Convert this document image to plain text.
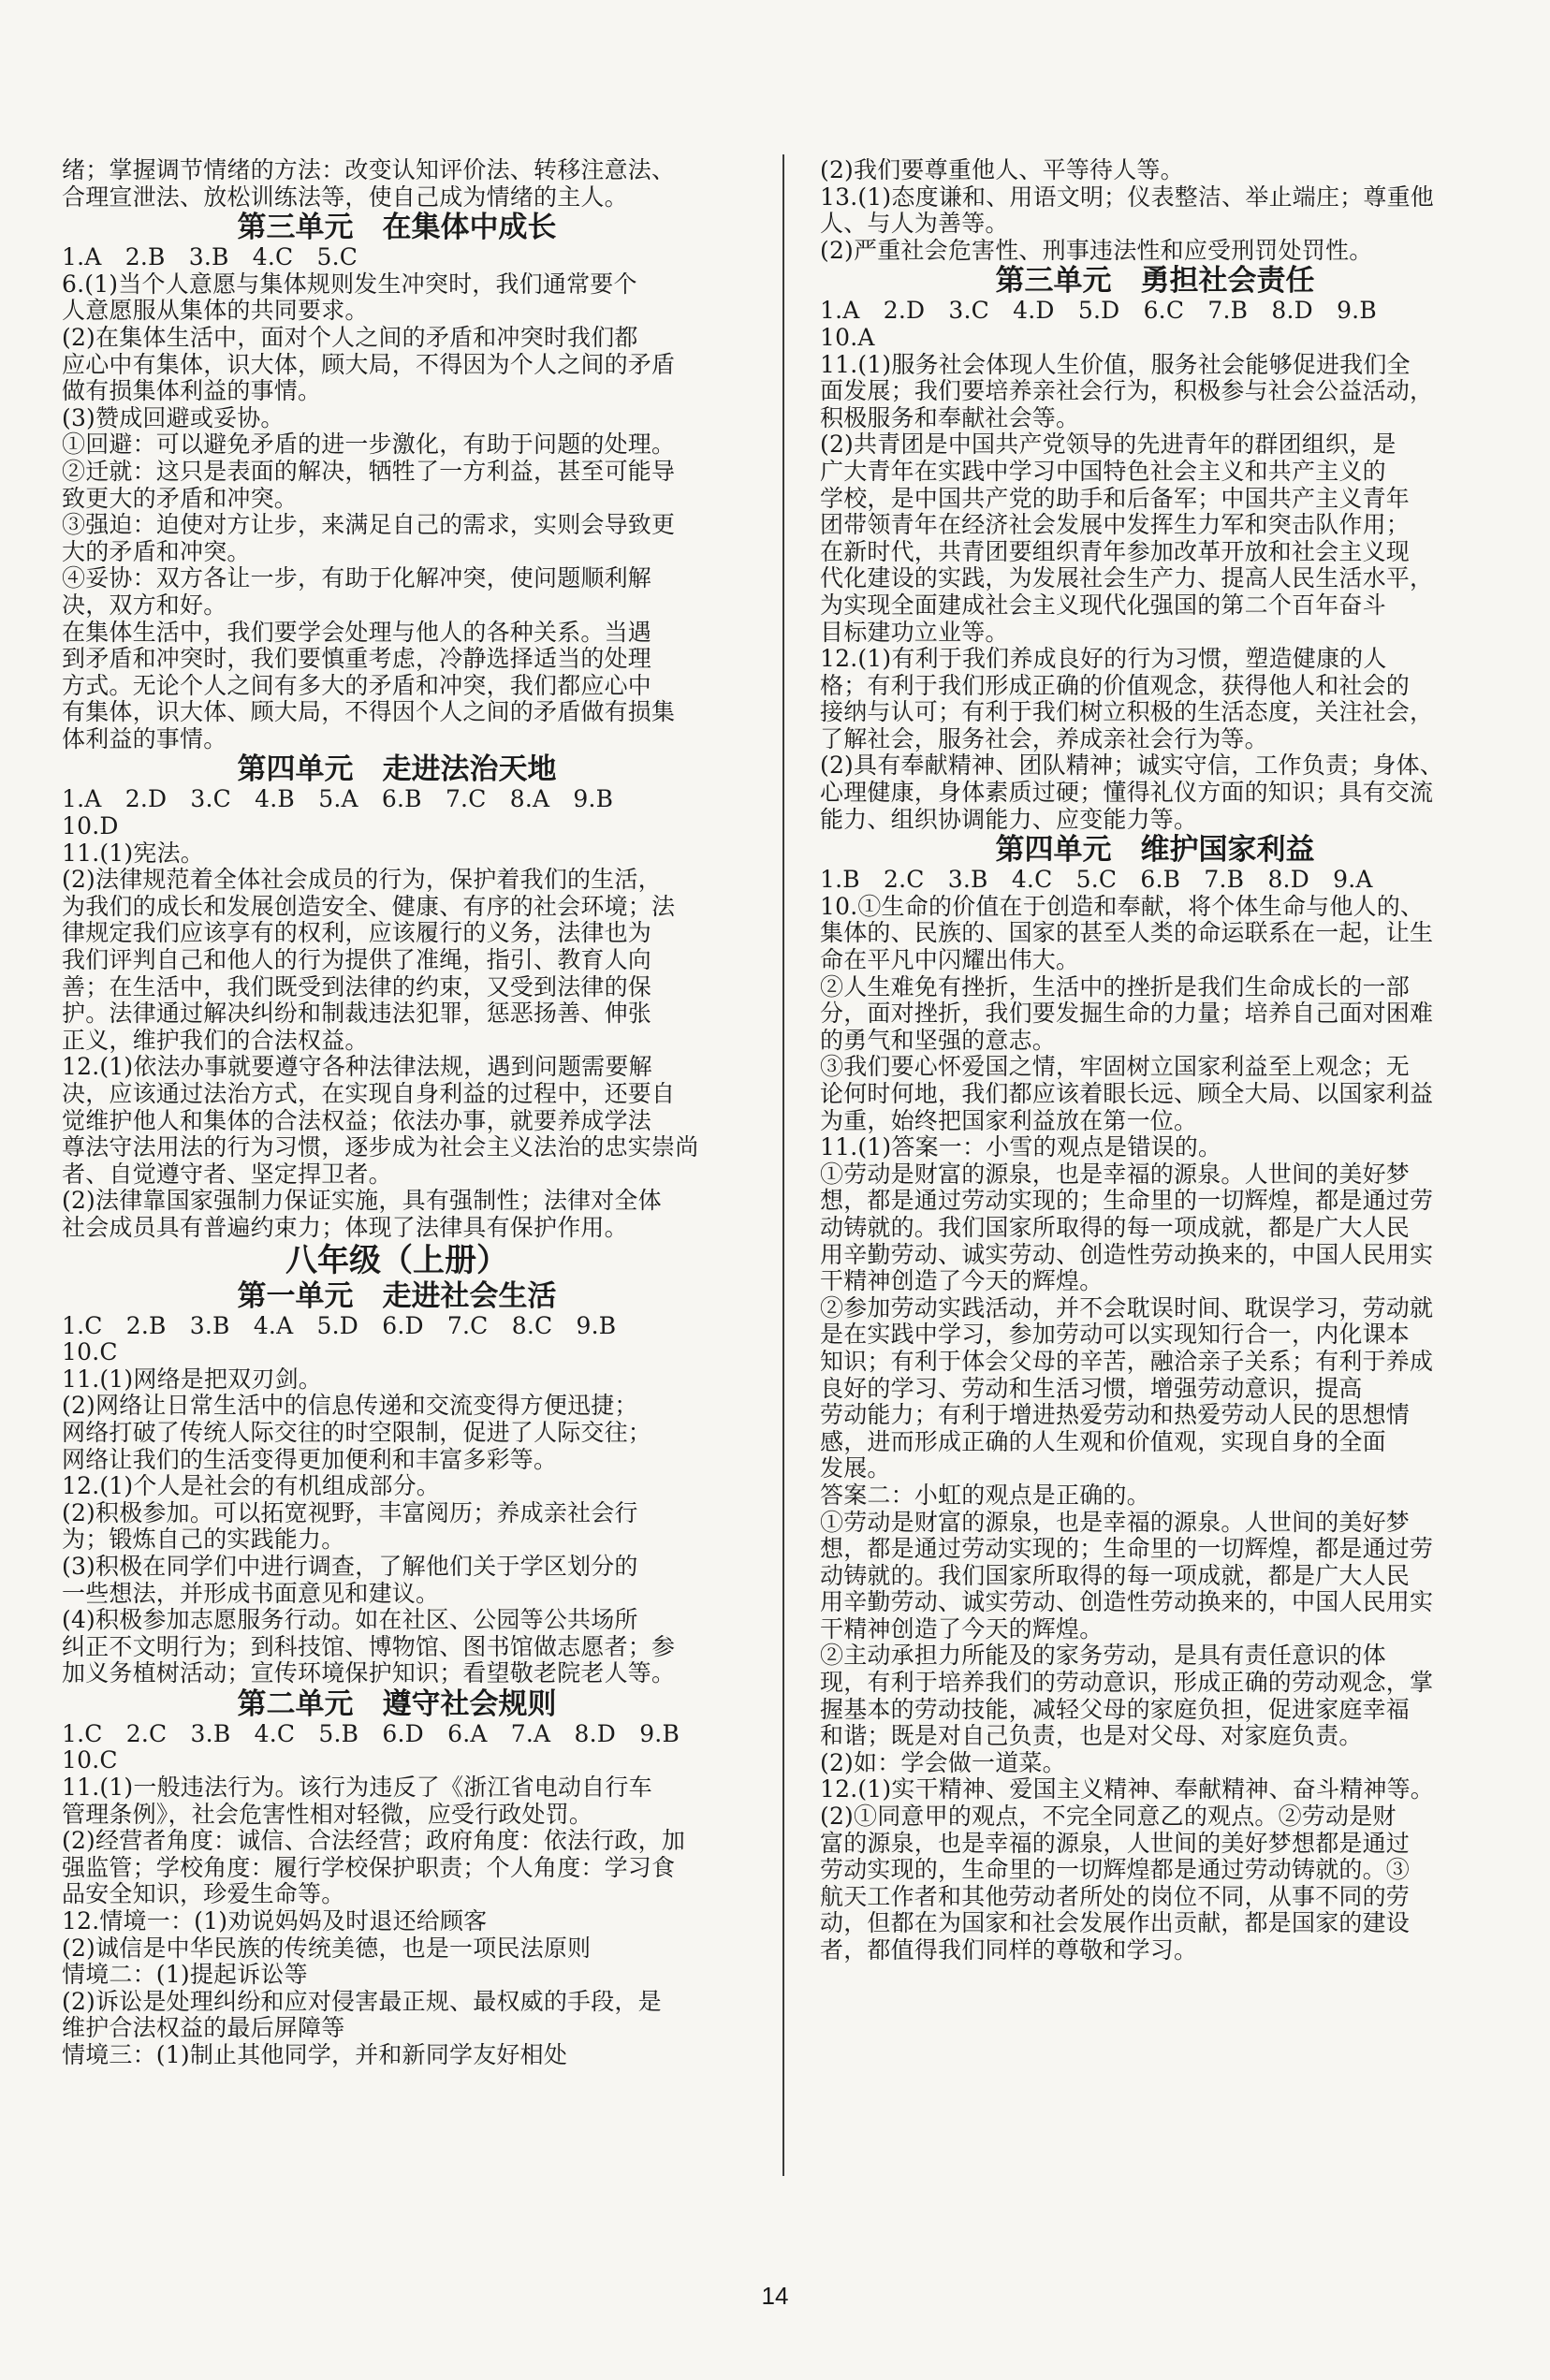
绪；掌握调节情绪的方法：改变认知评价法、转移注意法、
合理宣泄法、放松训练法等，使自己成为情绪的主人。
第三单元　在集体中成长
1.A　2.B　3.B　4.C　5.C
6.(1)当个人意愿与集体规则发生冲突时，我们通常要个
人意愿服从集体的共同要求。
(2)在集体生活中，面对个人之间的矛盾和冲突时我们都
应心中有集体，识大体，顾大局，不得因为个人之间的矛盾
做有损集体利益的事情。
(3)赞成回避或妥协。
①回避：可以避免矛盾的进一步激化，有助于问题的处理。
②迁就：这只是表面的解决，牺牲了一方利益，甚至可能导
致更大的矛盾和冲突。
③强迫：迫使对方让步，来满足自己的需求，实则会导致更
大的矛盾和冲突。
④妥协：双方各让一步，有助于化解冲突，使问题顺利解
决，双方和好。
在集体生活中，我们要学会处理与他人的各种关系。当遇
到矛盾和冲突时，我们要慎重考虑，冷静选择适当的处理
方式。无论个人之间有多大的矛盾和冲突，我们都应心中
有集体，识大体、顾大局，不得因个人之间的矛盾做有损集
体利益的事情。
第四单元　走进法治天地
1.A　2.D　3.C　4.B　5.A　6.B　7.C　8.A　9.B
10.D
11.(1)宪法。
(2)法律规范着全体社会成员的行为，保护着我们的生活，
为我们的成长和发展创造安全、健康、有序的社会环境；法
律规定我们应该享有的权利，应该履行的义务，法律也为
我们评判自己和他人的行为提供了准绳，指引、教育人向
善；在生活中，我们既受到法律的约束，又受到法律的保
护。法律通过解决纠纷和制裁违法犯罪，惩恶扬善、伸张
正义，维护我们的合法权益。
12.(1)依法办事就要遵守各种法律法规，遇到问题需要解
决，应该通过法治方式，在实现自身利益的过程中，还要自
觉维护他人和集体的合法权益；依法办事，就要养成学法
尊法守法用法的行为习惯，逐步成为社会主义法治的忠实崇尚
者、自觉遵守者、坚定捍卫者。
(2)法律靠国家强制力保证实施，具有强制性；法律对全体
社会成员具有普遍约束力；体现了法律具有保护作用。
八年级（上册）
第一单元　走进社会生活
1.C　2.B　3.B　4.A　5.D　6.D　7.C　8.C　9.B
10.C
11.(1)网络是把双刃剑。
(2)网络让日常生活中的信息传递和交流变得方便迅捷；
网络打破了传统人际交往的时空限制，促进了人际交往；
网络让我们的生活变得更加便利和丰富多彩等。
12.(1)个人是社会的有机组成部分。
(2)积极参加。可以拓宽视野，丰富阅历；养成亲社会行
为；锻炼自己的实践能力。
(3)积极在同学们中进行调查，了解他们关于学区划分的
一些想法，并形成书面意见和建议。
(4)积极参加志愿服务行动。如在社区、公园等公共场所
纠正不文明行为；到科技馆、博物馆、图书馆做志愿者；参
加义务植树活动；宣传环境保护知识；看望敬老院老人等。
第二单元　遵守社会规则
1.C　2.C　3.B　4.C　5.B　6.D　6.A　7.A　8.D　9.B
10.C
11.(1)一般违法行为。该行为违反了《浙江省电动自行车
管理条例》，社会危害性相对轻微，应受行政处罚。
(2)经营者角度：诚信、合法经营；政府角度：依法行政，加
强监管；学校角度：履行学校保护职责；个人角度：学习食
品安全知识，珍爱生命等。
12.情境一：(1)劝说妈妈及时退还给顾客
(2)诚信是中华民族的传统美德，也是一项民法原则
情境二：(1)提起诉讼等
(2)诉讼是处理纠纷和应对侵害最正规、最权威的手段，是
维护合法权益的最后屏障等
情境三：(1)制止其他同学，并和新同学友好相处
(2)我们要尊重他人、平等待人等。
13.(1)态度谦和、用语文明；仪表整洁、举止端庄；尊重他
人、与人为善等。
(2)严重社会危害性、刑事违法性和应受刑罚处罚性。
第三单元　勇担社会责任
1.A　2.D　3.C　4.D　5.D　6.C　7.B　8.D　9.B
10.A
11.(1)服务社会体现人生价值，服务社会能够促进我们全
面发展；我们要培养亲社会行为，积极参与社会公益活动，
积极服务和奉献社会等。
(2)共青团是中国共产党领导的先进青年的群团组织，是
广大青年在实践中学习中国特色社会主义和共产主义的
学校，是中国共产党的助手和后备军；中国共产主义青年
团带领青年在经济社会发展中发挥生力军和突击队作用；
在新时代，共青团要组织青年参加改革开放和社会主义现
代化建设的实践，为发展社会生产力、提高人民生活水平，
为实现全面建成社会主义现代化强国的第二个百年奋斗
目标建功立业等。
12.(1)有利于我们养成良好的行为习惯，塑造健康的人
格；有利于我们形成正确的价值观念，获得他人和社会的
接纳与认可；有利于我们树立积极的生活态度，关注社会，
了解社会，服务社会，养成亲社会行为等。
(2)具有奉献精神、团队精神；诚实守信，工作负责；身体、
心理健康，身体素质过硬；懂得礼仪方面的知识；具有交流
能力、组织协调能力、应变能力等。
第四单元　维护国家利益
1.B　2.C　3.B　4.C　5.C　6.B　7.B　8.D　9.A
10.①生命的价值在于创造和奉献，将个体生命与他人的、
集体的、民族的、国家的甚至人类的命运联系在一起，让生
命在平凡中闪耀出伟大。
②人生难免有挫折，生活中的挫折是我们生命成长的一部
分，面对挫折，我们要发掘生命的力量；培养自己面对困难
的勇气和坚强的意志。
③我们要心怀爱国之情，牢固树立国家利益至上观念；无
论何时何地，我们都应该着眼长远、顾全大局、以国家利益
为重，始终把国家利益放在第一位。
11.(1)答案一：小雪的观点是错误的。
①劳动是财富的源泉，也是幸福的源泉。人世间的美好梦
想，都是通过劳动实现的；生命里的一切辉煌，都是通过劳
动铸就的。我们国家所取得的每一项成就，都是广大人民
用辛勤劳动、诚实劳动、创造性劳动换来的，中国人民用实
干精神创造了今天的辉煌。
②参加劳动实践活动，并不会耽误时间、耽误学习，劳动就
是在实践中学习，参加劳动可以实现知行合一，内化课本
知识；有利于体会父母的辛苦，融洽亲子关系；有利于养成
良好的学习、劳动和生活习惯，增强劳动意识，提高
劳动能力；有利于增进热爱劳动和热爱劳动人民的思想情
感，进而形成正确的人生观和价值观，实现自身的全面
发展。
答案二：小虹的观点是正确的。
①劳动是财富的源泉，也是幸福的源泉。人世间的美好梦
想，都是通过劳动实现的；生命里的一切辉煌，都是通过劳
动铸就的。我们国家所取得的每一项成就，都是广大人民
用辛勤劳动、诚实劳动、创造性劳动换来的，中国人民用实
干精神创造了今天的辉煌。
②主动承担力所能及的家务劳动，是具有责任意识的体
现，有利于培养我们的劳动意识，形成正确的劳动观念，掌
握基本的劳动技能，减轻父母的家庭负担，促进家庭幸福
和谐；既是对自己负责，也是对父母、对家庭负责。
(2)如：学会做一道菜。
12.(1)实干精神、爱国主义精神、奉献精神、奋斗精神等。
(2)①同意甲的观点，不完全同意乙的观点。②劳动是财
富的源泉，也是幸福的源泉，人世间的美好梦想都是通过
劳动实现的，生命里的一切辉煌都是通过劳动铸就的。③
航天工作者和其他劳动者所处的岗位不同，从事不同的劳
动，但都在为国家和社会发展作出贡献，都是国家的建设
者，都值得我们同样的尊敬和学习。
14
